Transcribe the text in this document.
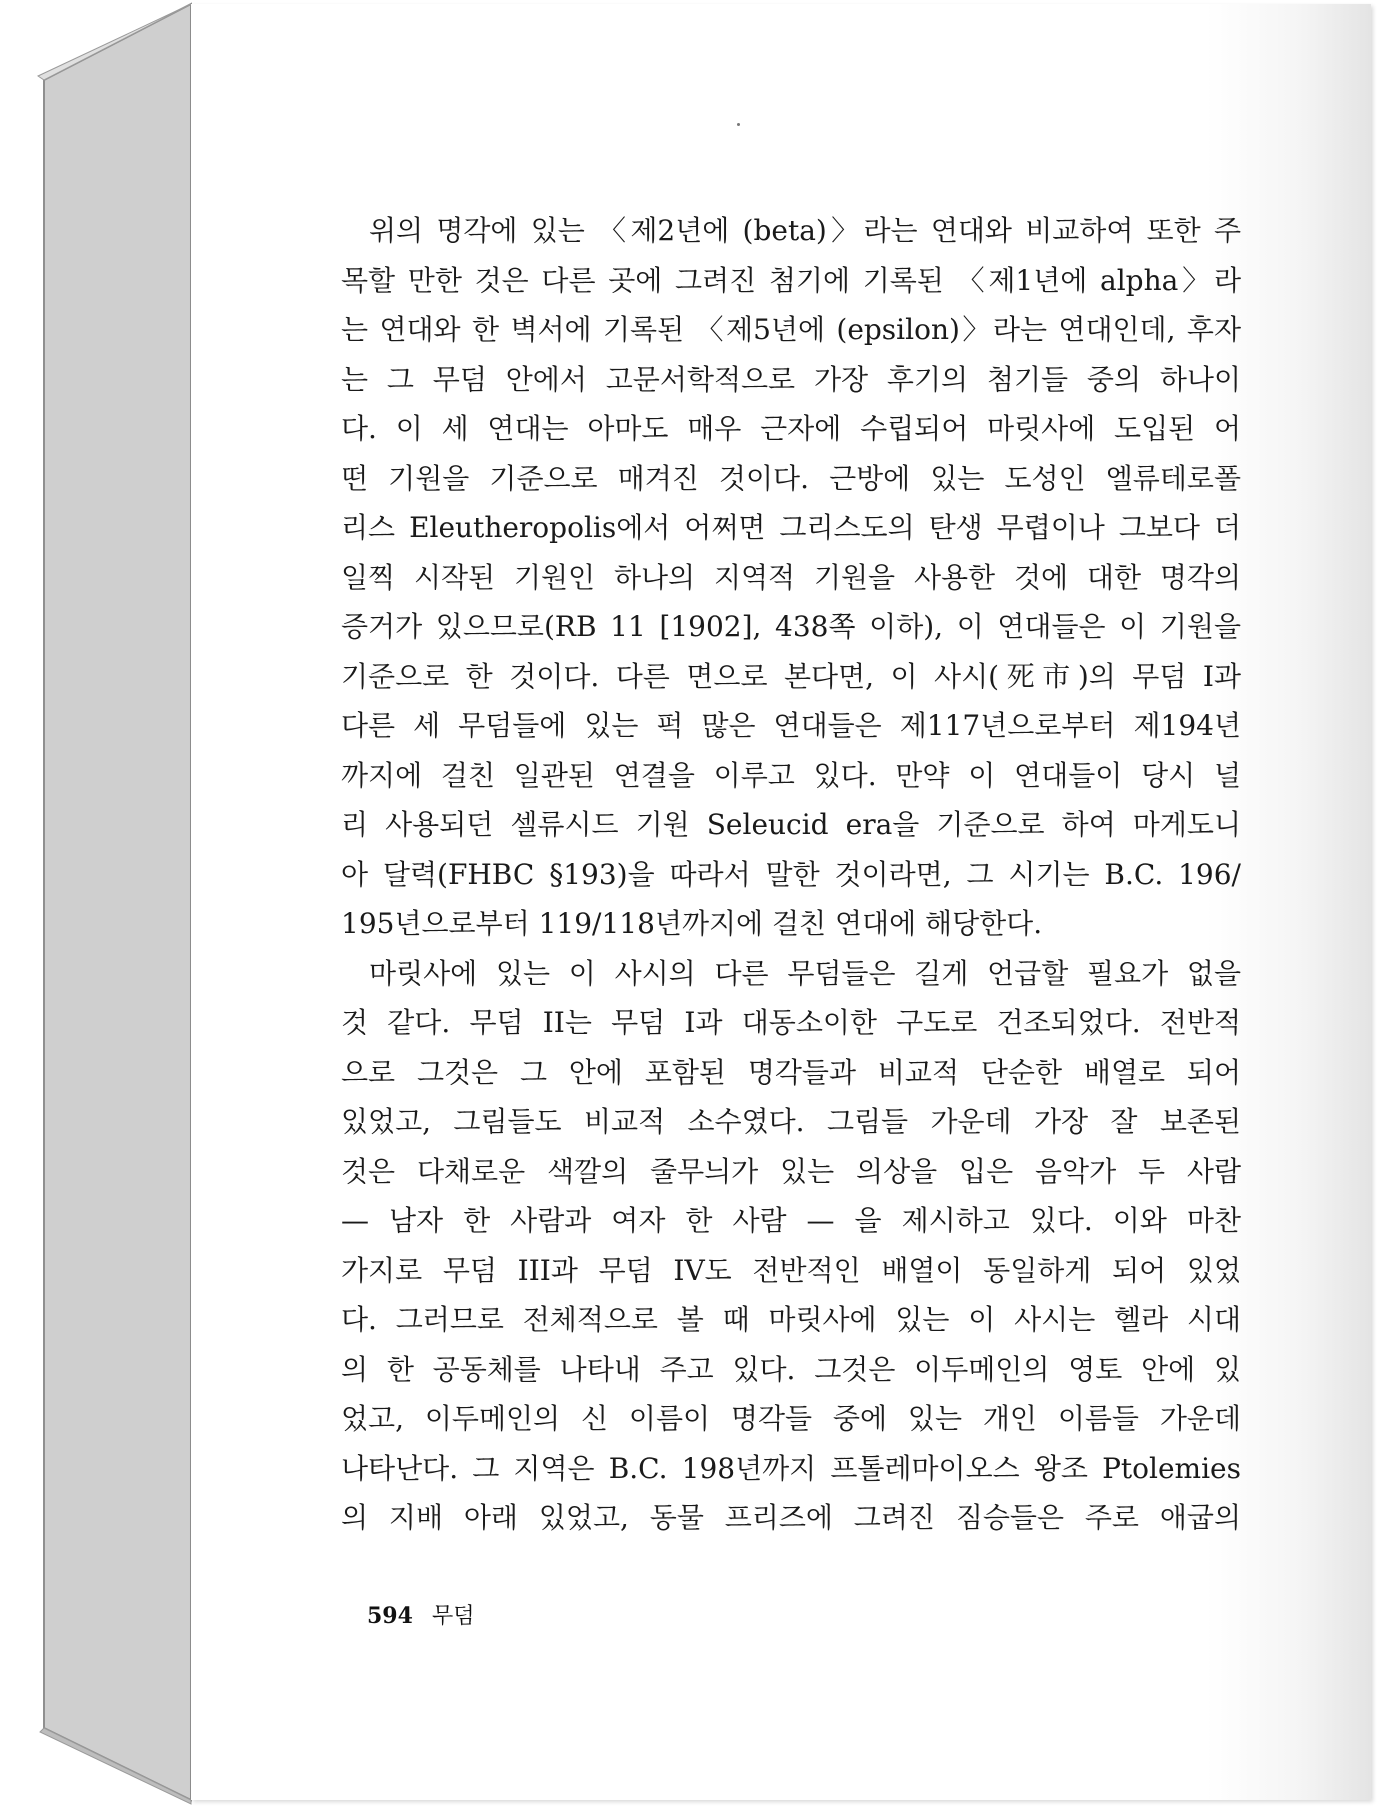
위의 명각에 있는 〈제2년에 (beta)〉라는 연대와 비교하여 또한 주
목할 만한 것은 다른 곳에 그려진 첨기에 기록된 〈제1년에 alpha〉라
는 연대와 한 벽서에 기록된 〈제5년에 (epsilon)〉라는 연대인데, 후자
는 그 무덤 안에서 고문서학적으로 가장 후기의 첨기들 중의 하나이
다. 이 세 연대는 아마도 매우 근자에 수립되어 마릿사에 도입된 어
떤 기원을 기준으로 매겨진 것이다. 근방에 있는 도성인 엘류테로폴
리스 Eleutheropolis에서 어쩌면 그리스도의 탄생 무렵이나 그보다 더
일찍 시작된 기원인 하나의 지역적 기원을 사용한 것에 대한 명각의
증거가 있으므로(RB 11 [1902], 438쪽 이하), 이 연대들은 이 기원을
기준으로 한 것이다. 다른 면으로 본다면, 이 사시(死市)의 무덤 I과
다른 세 무덤들에 있는 퍽 많은 연대들은 제117년으로부터 제194년
까지에 걸친 일관된 연결을 이루고 있다. 만약 이 연대들이 당시 널
리 사용되던 셀류시드 기원 Seleucid era을 기준으로 하여 마게도니
아 달력(FHBC §193)을 따라서 말한 것이라면, 그 시기는 B.C. 196/
195년으로부터 119/118년까지에 걸친 연대에 해당한다.
마릿사에 있는 이 사시의 다른 무덤들은 길게 언급할 필요가 없을
것 같다. 무덤 II는 무덤 I과 대동소이한 구도로 건조되었다. 전반적
으로 그것은 그 안에 포함된 명각들과 비교적 단순한 배열로 되어
있었고, 그림들도 비교적 소수였다. 그림들 가운데 가장 잘 보존된
것은 다채로운 색깔의 줄무늬가 있는 의상을 입은 음악가 두 사람
— 남자 한 사람과 여자 한 사람 — 을 제시하고 있다. 이와 마찬
가지로 무덤 III과 무덤 IV도 전반적인 배열이 동일하게 되어 있었
다. 그러므로 전체적으로 볼 때 마릿사에 있는 이 사시는 헬라 시대
의 한 공동체를 나타내 주고 있다. 그것은 이두메인의 영토 안에 있
었고, 이두메인의 신 이름이 명각들 중에 있는 개인 이름들 가운데
나타난다. 그 지역은 B.C. 198년까지 프톨레마이오스 왕조 Ptolemies
의 지배 아래 있었고, 동물 프리즈에 그려진 짐승들은 주로 애굽의
594 무덤
